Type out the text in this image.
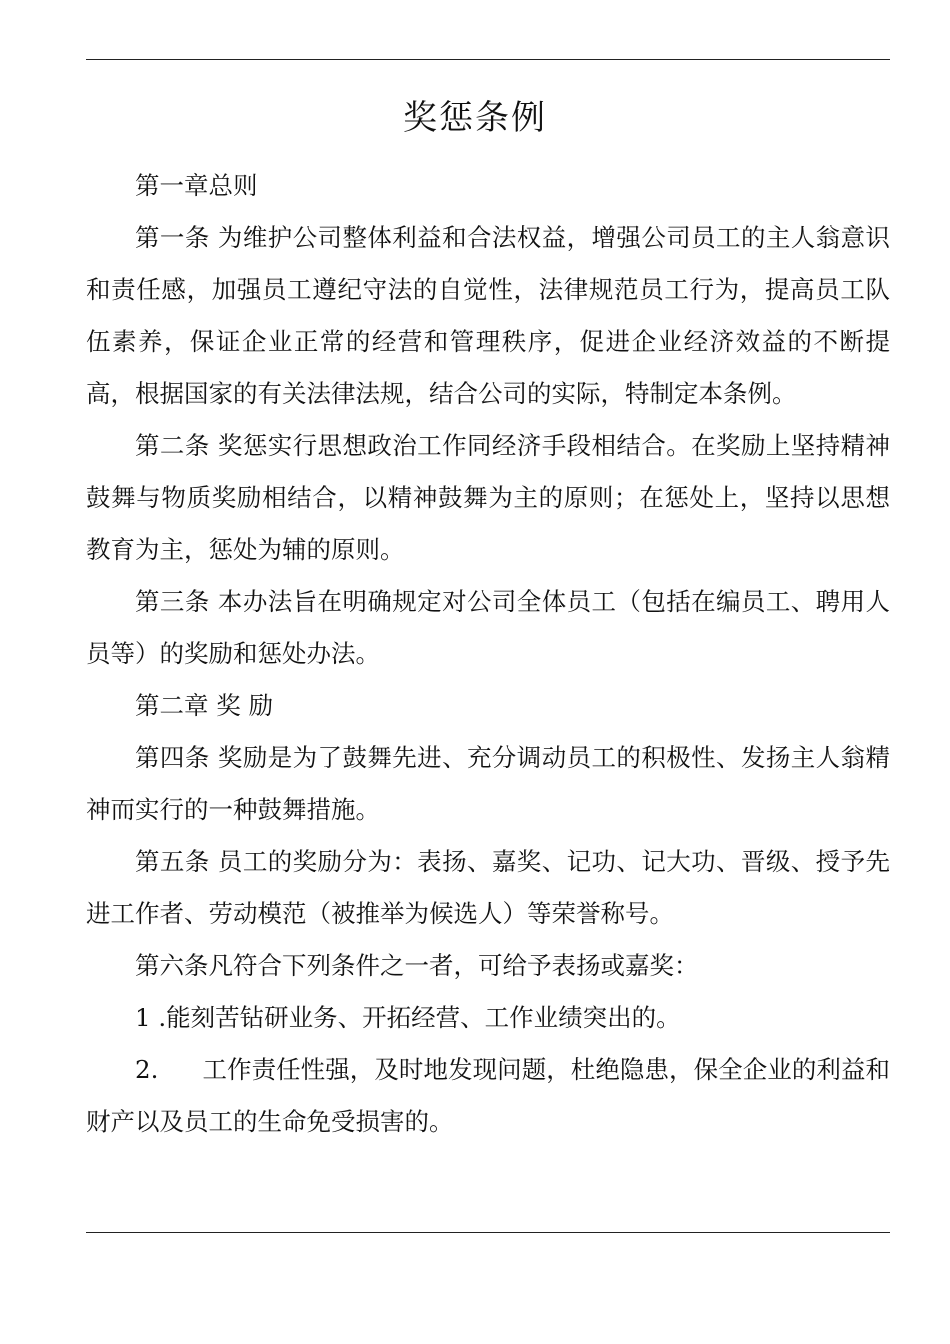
奖惩条例

第一章总则

第一条 为维护公司整体利益和合法权益，增强公司员工的主人翁意识和责任感，加强员工遵纪守法的自觉性，法律规范员工行为，提高员工队伍素养，保证企业正常的经营和管理秩序，促进企业经济效益的不断提高，根据国家的有关法律法规，结合公司的实际，特制定本条例。

第二条 奖惩实行思想政治工作同经济手段相结合。在奖励上坚持精神鼓舞与物质奖励相结合，以精神鼓舞为主的原则；在惩处上，坚持以思想教育为主，惩处为辅的原则。

第三条 本办法旨在明确规定对公司全体员工（包括在编员工、聘用人员等）的奖励和惩处办法。

第二章 奖 励

第四条 奖励是为了鼓舞先进、充分调动员工的积极性、发扬主人翁精神而实行的一种鼓舞措施。

第五条 员工的奖励分为：表扬、嘉奖、记功、记大功、晋级、授予先进工作者、劳动模范（被推举为候选人）等荣誉称号。

第六条凡符合下列条件之一者，可给予表扬或嘉奖：

1 .能刻苦钻研业务、开拓经营、工作业绩突出的。

2. 工作责任性强，及时地发现问题，杜绝隐患，保全企业的利益和财产以及员工的生命免受损害的。
